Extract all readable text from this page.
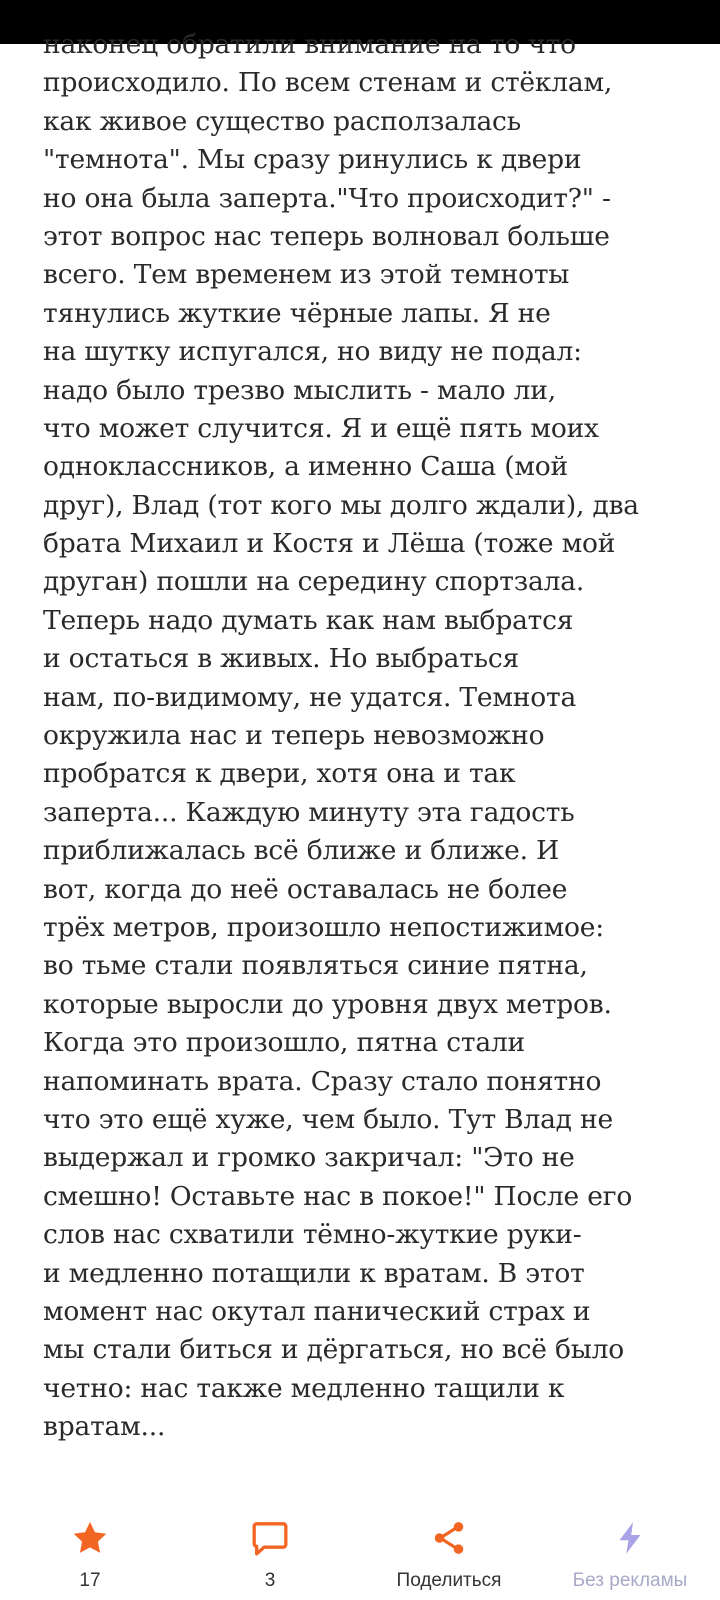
наконец обратили внимание на то что
происходило. По всем стенам и стёклам,
как живое существо расползалась
"темнота". Мы сразу ринулись к двери
но она была заперта."Что происходит?" -
этот вопрос нас теперь волновал больше
всего. Тем временем из этой темноты
тянулись жуткие чёрные лапы. Я не
на шутку испугался, но виду не подал:
надо было трезво мыслить - мало ли,
что может случится. Я и ещё пять моих
одноклассников, а именно Саша (мой
друг), Влад (тот кого мы долго ждали), два
брата Михаил и Костя и Лёша (тоже мой
друган) пошли на середину спортзала.
Теперь надо думать как нам выбратся
и остаться в живых. Но выбраться
нам, по-видимому, не удатся. Темнота
окружила нас и теперь невозможно
пробратся к двери, хотя она и так
заперта... Каждую минуту эта гадость
приближалась всё ближе и ближе. И
вот, когда до неё оставалась не более
трёх метров, произошло непостижимое:
во тьме стали появляться синие пятна,
которые выросли до уровня двух метров.
Когда это произошло, пятна стали
напоминать врата. Сразу стало понятно
что это ещё хуже, чем было. Тут Влад не
выдержал и громко закричал: "Это не
смешно! Оставьте нас в покое!" После его
слов нас схватили тёмно-жуткие руки-
и медленно потащили к вратам. В этот
момент нас окутал панический страх и
мы стали биться и дёргаться, но всё было
четно: нас также медленно тащили к
вратам...
17	3	Поделиться	Без рекламы
